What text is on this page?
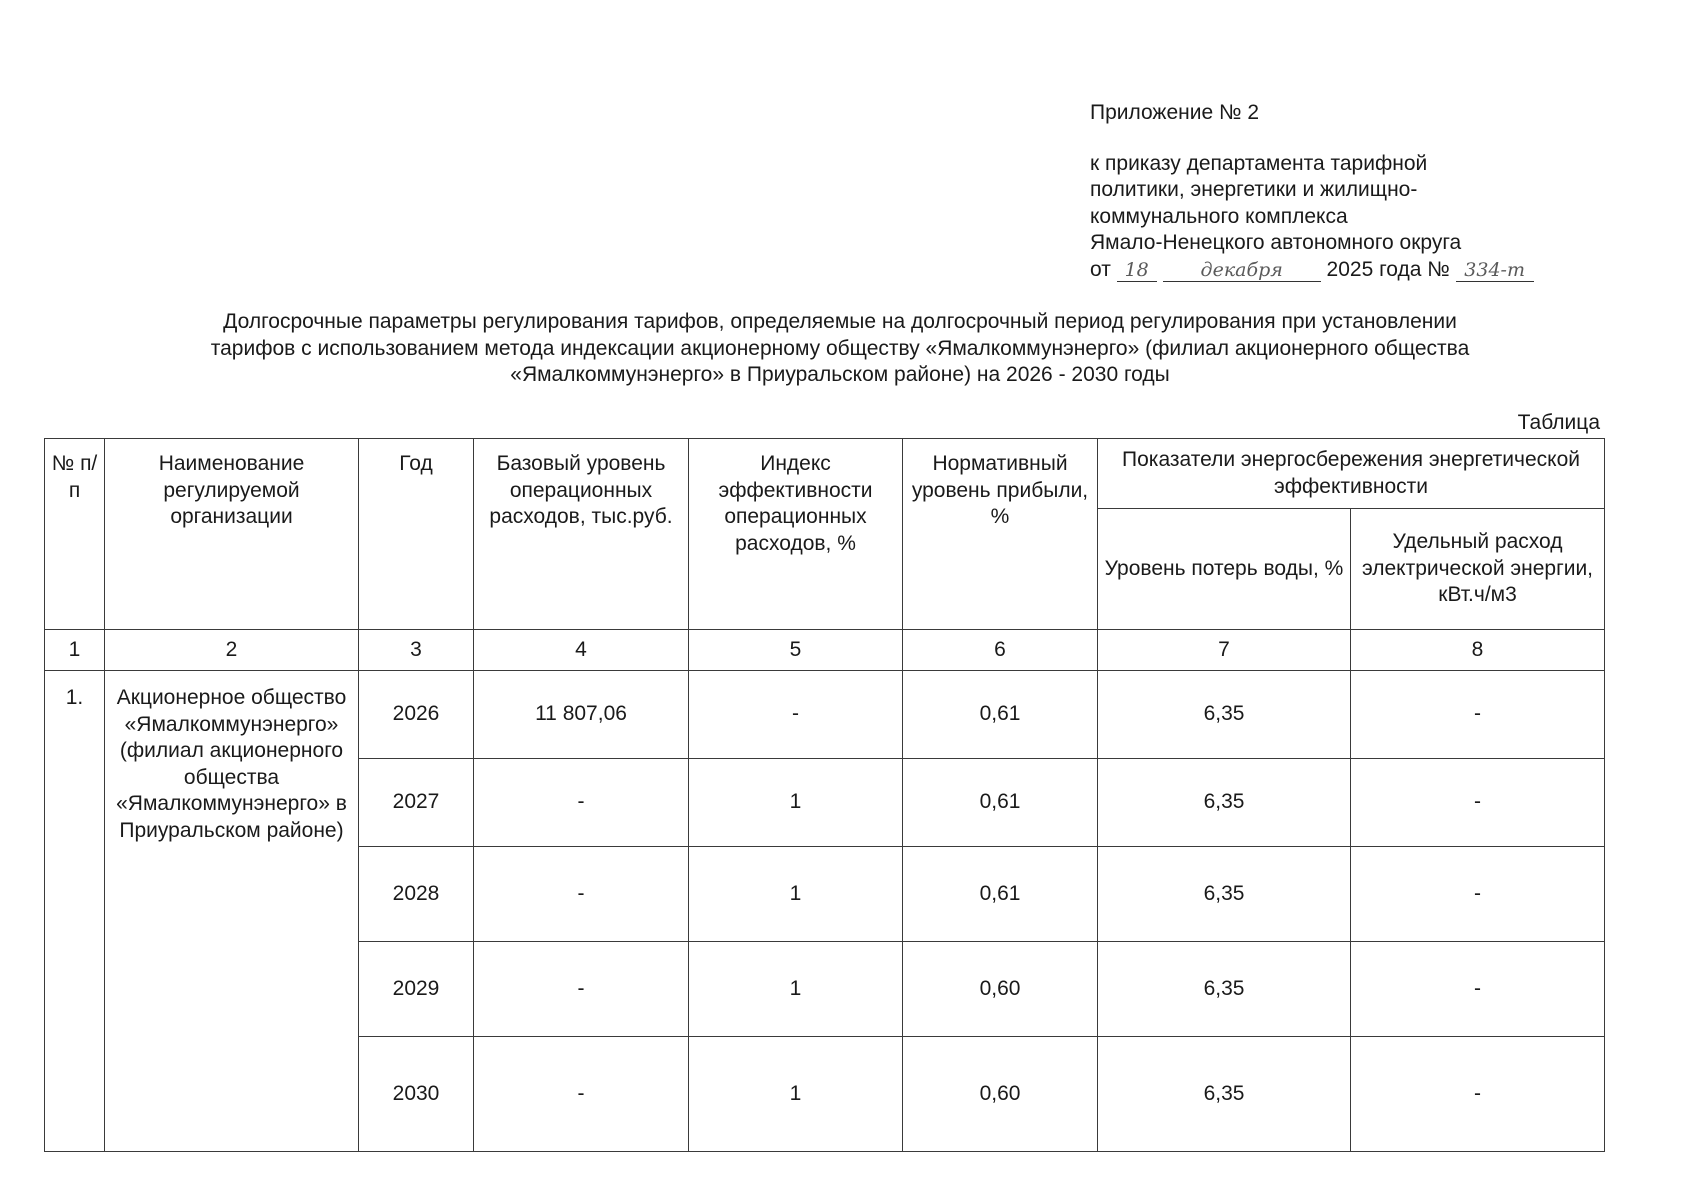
Приложение № 2
к приказу департамента тарифной
политики, энергетики и жилищно-
коммунального комплекса
Ямало-Ненецкого автономного округа
от 18	декабря 2025 года № 334-т
Долгосрочные параметры регулирования тарифов, определяемые на долгосрочный период регулирования при установлении
тарифов с использованием метода индексации акционерному обществу «Ямалкоммунэнерго» (филиал акционерного общества
«Ямалкоммунэнерго» в Приуральском районе) на 2026 - 2030 годы
Таблица
№ п/п	Наименование регулируемой организации	Год	Базовый уровень операционных расходов, тыс.руб.	Индекс эффективности операционных расходов, %	Нормативный уровень прибыли, %	Показатели энергосбережения энергетической эффективности	
						Уровень потерь воды, %	Удельный расход электрической энергии, кВт.ч/м3
1	2	3	4	5	6	7	8
1.	Акционерное общество «Ямалкоммунэнерго» (филиал акционерного общества «Ямалкоммунэнерго» в Приуральском районе)	2026	11 807,06	-	0,61	6,35	-
		2027	-	1	0,61	6,35	-
		2028	-	1	0,61	6,35	-
		2029	-	1	0,60	6,35	-
		2030	-	1	0,60	6,35	-
